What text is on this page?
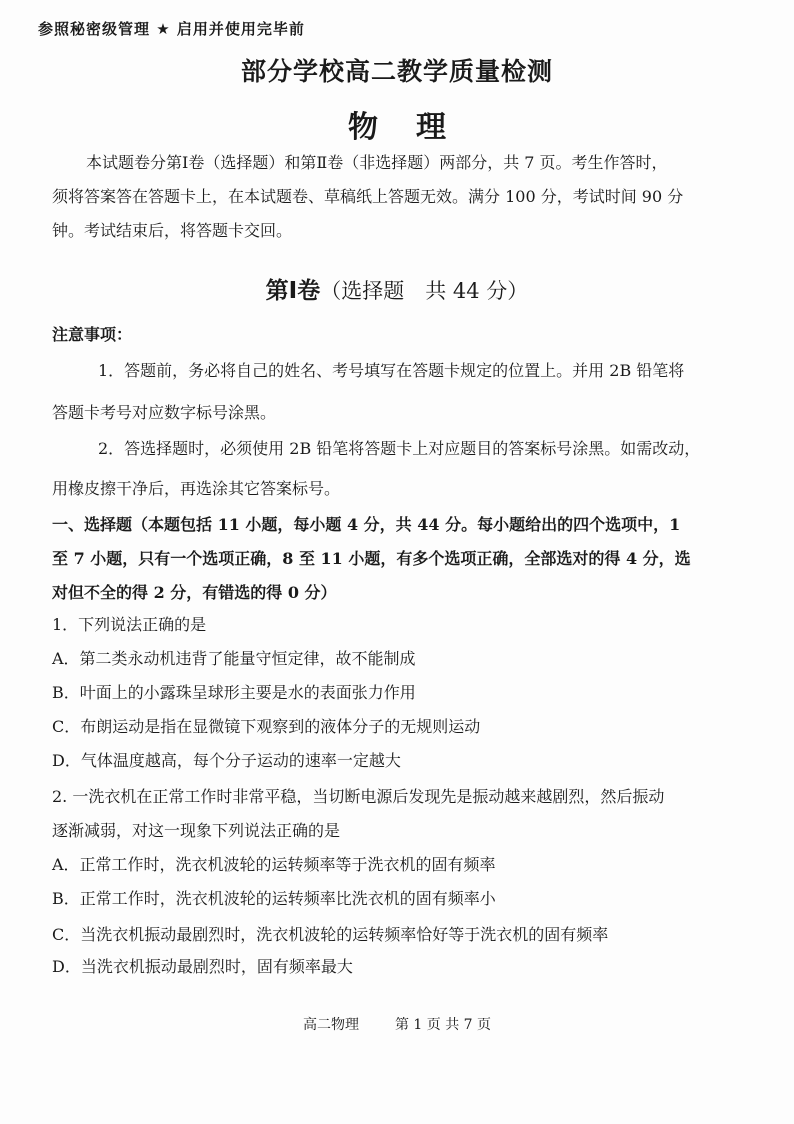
参照秘密级管理 ★ 启用并使用完毕前
部分学校高二教学质量检测
物理
本试题卷分第Ⅰ卷（选择题）和第Ⅱ卷（非选择题）两部分，共 7 页。考生作答时，
须将答案答在答题卡上，在本试题卷、草稿纸上答题无效。满分 100 分，考试时间 90 分
钟。考试结束后，将答题卡交回。
第Ⅰ卷（选择题　共 44 分）
注意事项：
1．答题前，务必将自己的姓名、考号填写在答题卡规定的位置上。并用 2B 铅笔将
答题卡考号对应数字标号涂黑。
2．答选择题时，必须使用 2B 铅笔将答题卡上对应题目的答案标号涂黑。如需改动，
用橡皮擦干净后，再选涂其它答案标号。
一、选择题（本题包括 11 小题，每小题 4 分，共 44 分。每小题给出的四个选项中，1
至 7 小题，只有一个选项正确，8 至 11 小题，有多个选项正确，全部选对的得 4 分，选
对但不全的得 2 分，有错选的得 0 分）
1．下列说法正确的是
A．第二类永动机违背了能量守恒定律，故不能制成
B．叶面上的小露珠呈球形主要是水的表面张力作用
C．布朗运动是指在显微镜下观察到的液体分子的无规则运动
D．气体温度越高，每个分子运动的速率一定越大
2. 一洗衣机在正常工作时非常平稳，当切断电源后发现先是振动越来越剧烈，然后振动
逐渐减弱，对这一现象下列说法正确的是
A．正常工作时，洗衣机波轮的运转频率等于洗衣机的固有频率
B．正常工作时，洗衣机波轮的运转频率比洗衣机的固有频率小
C．当洗衣机振动最剧烈时，洗衣机波轮的运转频率恰好等于洗衣机的固有频率
D．当洗衣机振动最剧烈时，固有频率最大
高二物理	第 1 页 共 7 页
